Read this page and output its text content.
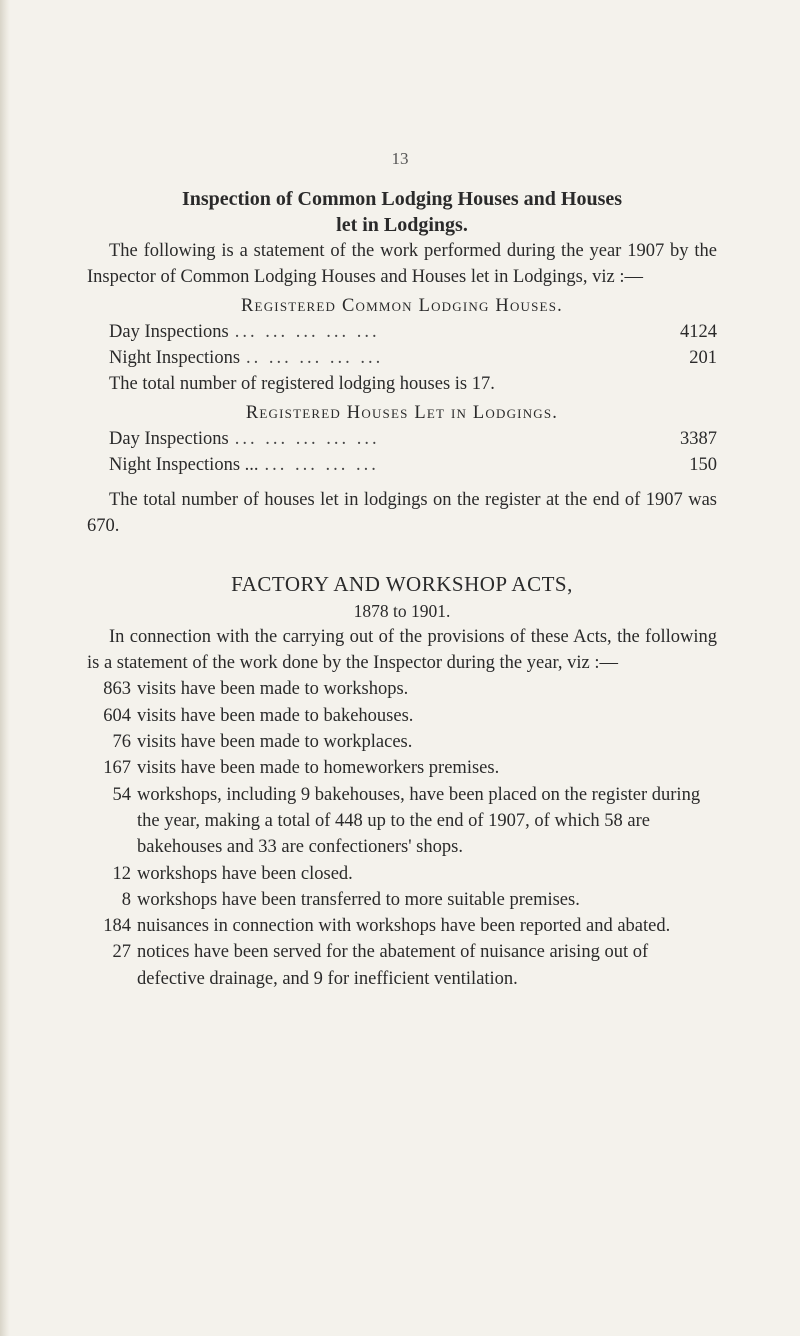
13
Inspection of Common Lodging Houses and Houses
let in Lodgings.

The following is a statement of the work performed during the year 1907 by the Inspector of Common Lodging Houses and Houses let in Lodgings, viz :—

Registered Common Lodging Houses.
Day Inspections ... ... ... ... ...	4124
Night Inspections .. ... ... ... ...	201
The total number of registered lodging houses is 17.
Registered Houses Let in Lodgings.
Day Inspections ... ... ... ... ...	3387
Night Inspections ... ... ... ... ...	150

The total number of houses let in lodgings on the register at the end of 1907 was 670.

FACTORY AND WORKSHOP ACTS,
1878 to 1901.

In connection with the carrying out of the provisions of these Acts, the following is a statement of the work done by the Inspector during the year, viz :—

863 visits have been made to workshops.
604 visits have been made to bakehouses.
76 visits have been made to workplaces.
167 visits have been made to homeworkers premises.
54 workshops, including 9 bakehouses, have been placed on the register during the year, making a total of 448 up to the end of 1907, of which 58 are bakehouses and 33 are confectioners' shops.
12 workshops have been closed.
8 workshops have been transferred to more suitable premises.
184 nuisances in connection with workshops have been reported and abated.
27 notices have been served for the abatement of nuisance arising out of defective drainage, and 9 for inefficient ventilation.
